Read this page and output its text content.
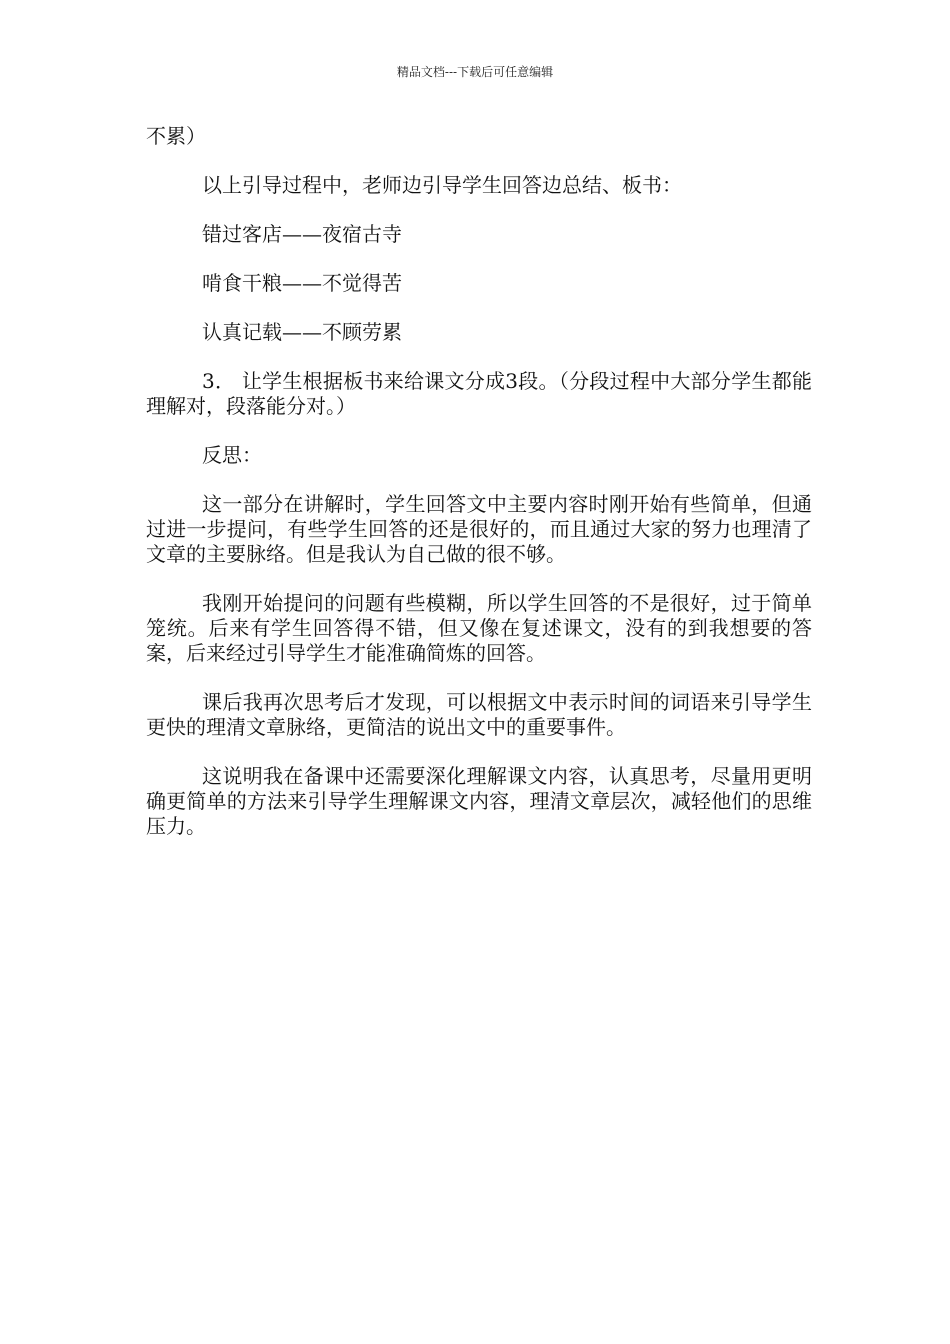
精品文档---下载后可任意编辑

不累）

以上引导过程中，老师边引导学生回答边总结、板书：

错过客店——夜宿古寺

啃食干粮——不觉得苦

认真记载——不顾劳累

3． 让学生根据板书来给课文分成3段。（分段过程中大部分学生都能理解对，段落能分对。）

反思：

这一部分在讲解时，学生回答文中主要内容时刚开始有些简单，但通过进一步提问，有些学生回答的还是很好的，而且通过大家的努力也理清了文章的主要脉络。但是我认为自己做的很不够。

我刚开始提问的问题有些模糊，所以学生回答的不是很好，过于简单笼统。后来有学生回答得不错，但又像在复述课文，没有的到我想要的答案，后来经过引导学生才能准确简炼的回答。

课后我再次思考后才发现，可以根据文中表示时间的词语来引导学生更快的理清文章脉络，更简洁的说出文中的重要事件。

这说明我在备课中还需要深化理解课文内容，认真思考，尽量用更明确更简单的方法来引导学生理解课文内容，理清文章层次，减轻他们的思维压力。
